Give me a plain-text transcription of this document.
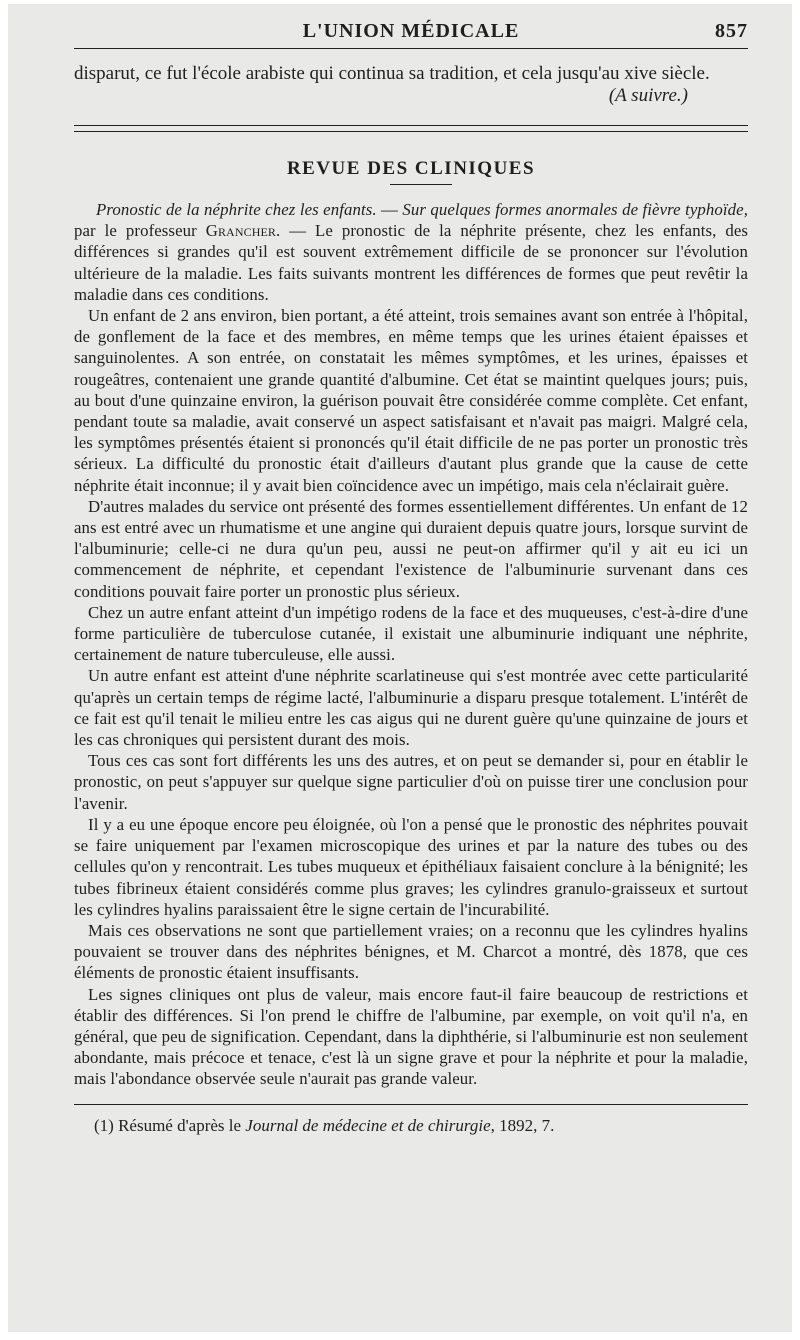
L'UNION MÉDICALE	857
disparut, ce fut l'école arabiste qui continua sa tradition, et cela jusqu'au xive siècle.
(A suivre.)
REVUE DES CLINIQUES

Pronostic de la néphrite chez les enfants. — Sur quelques formes anormales de fièvre typhoïde, par le professeur Grancher. — Le pronostic de la néphrite présente, chez les enfants, des différences si grandes qu'il est souvent extrêmement difficile de se prononcer sur l'évolution ultérieure de la maladie. Les faits suivants montrent les différences de formes que peut revêtir la maladie dans ces conditions.

Un enfant de 2 ans environ, bien portant, a été atteint, trois semaines avant son entrée à l'hôpital, de gonflement de la face et des membres, en même temps que les urines étaient épaisses et sanguinolentes. A son entrée, on constatait les mêmes symptômes, et les urines, épaisses et rougeâtres, contenaient une grande quantité d'albumine. Cet état se maintint quelques jours; puis, au bout d'une quinzaine environ, la guérison pouvait être considérée comme complète. Cet enfant, pendant toute sa maladie, avait conservé un aspect satisfaisant et n'avait pas maigri. Malgré cela, les symptômes présentés étaient si prononcés qu'il était difficile de ne pas porter un pronostic très sérieux. La difficulté du pronostic était d'ailleurs d'autant plus grande que la cause de cette néphrite était inconnue; il y avait bien coïncidence avec un impétigo, mais cela n'éclairait guère.

D'autres malades du service ont présenté des formes essentiellement différentes. Un enfant de 12 ans est entré avec un rhumatisme et une angine qui duraient depuis quatre jours, lorsque survint de l'albuminurie; celle-ci ne dura qu'un peu, aussi ne peut-on affirmer qu'il y ait eu ici un commencement de néphrite, et cependant l'existence de l'albuminurie survenant dans ces conditions pouvait faire porter un pronostic plus sérieux.

Chez un autre enfant atteint d'un impétigo rodens de la face et des muqueuses, c'est-à-dire d'une forme particulière de tuberculose cutanée, il existait une albuminurie indiquant une néphrite, certainement de nature tuberculeuse, elle aussi.

Un autre enfant est atteint d'une néphrite scarlatineuse qui s'est montrée avec cette particularité qu'après un certain temps de régime lacté, l'albuminurie a disparu presque totalement. L'intérêt de ce fait est qu'il tenait le milieu entre les cas aigus qui ne durent guère qu'une quinzaine de jours et les cas chroniques qui persistent durant des mois.

Tous ces cas sont fort différents les uns des autres, et on peut se demander si, pour en établir le pronostic, on peut s'appuyer sur quelque signe particulier d'où on puisse tirer une conclusion pour l'avenir.

Il y a eu une époque encore peu éloignée, où l'on a pensé que le pronostic des néphrites pouvait se faire uniquement par l'examen microscopique des urines et par la nature des tubes ou des cellules qu'on y rencontrait. Les tubes muqueux et épithéliaux faisaient conclure à la bénignité; les tubes fibrineux étaient considérés comme plus graves; les cylindres granulo-graisseux et surtout les cylindres hyalins paraissaient être le signe certain de l'incurabilité.

Mais ces observations ne sont que partiellement vraies; on a reconnu que les cylindres hyalins pouvaient se trouver dans des néphrites bénignes, et M. Charcot a montré, dès 1878, que ces éléments de pronostic étaient insuffisants.

Les signes cliniques ont plus de valeur, mais encore faut-il faire beaucoup de restrictions et établir des différences. Si l'on prend le chiffre de l'albumine, par exemple, on voit qu'il n'a, en général, que peu de signification. Cependant, dans la diphthérie, si l'albuminurie est non seulement abondante, mais précoce et tenace, c'est là un signe grave et pour la néphrite et pour la maladie, mais l'abondance observée seule n'aurait pas grande valeur.

(1) Résumé d'après le Journal de médecine et de chirurgie, 1892, 7.
